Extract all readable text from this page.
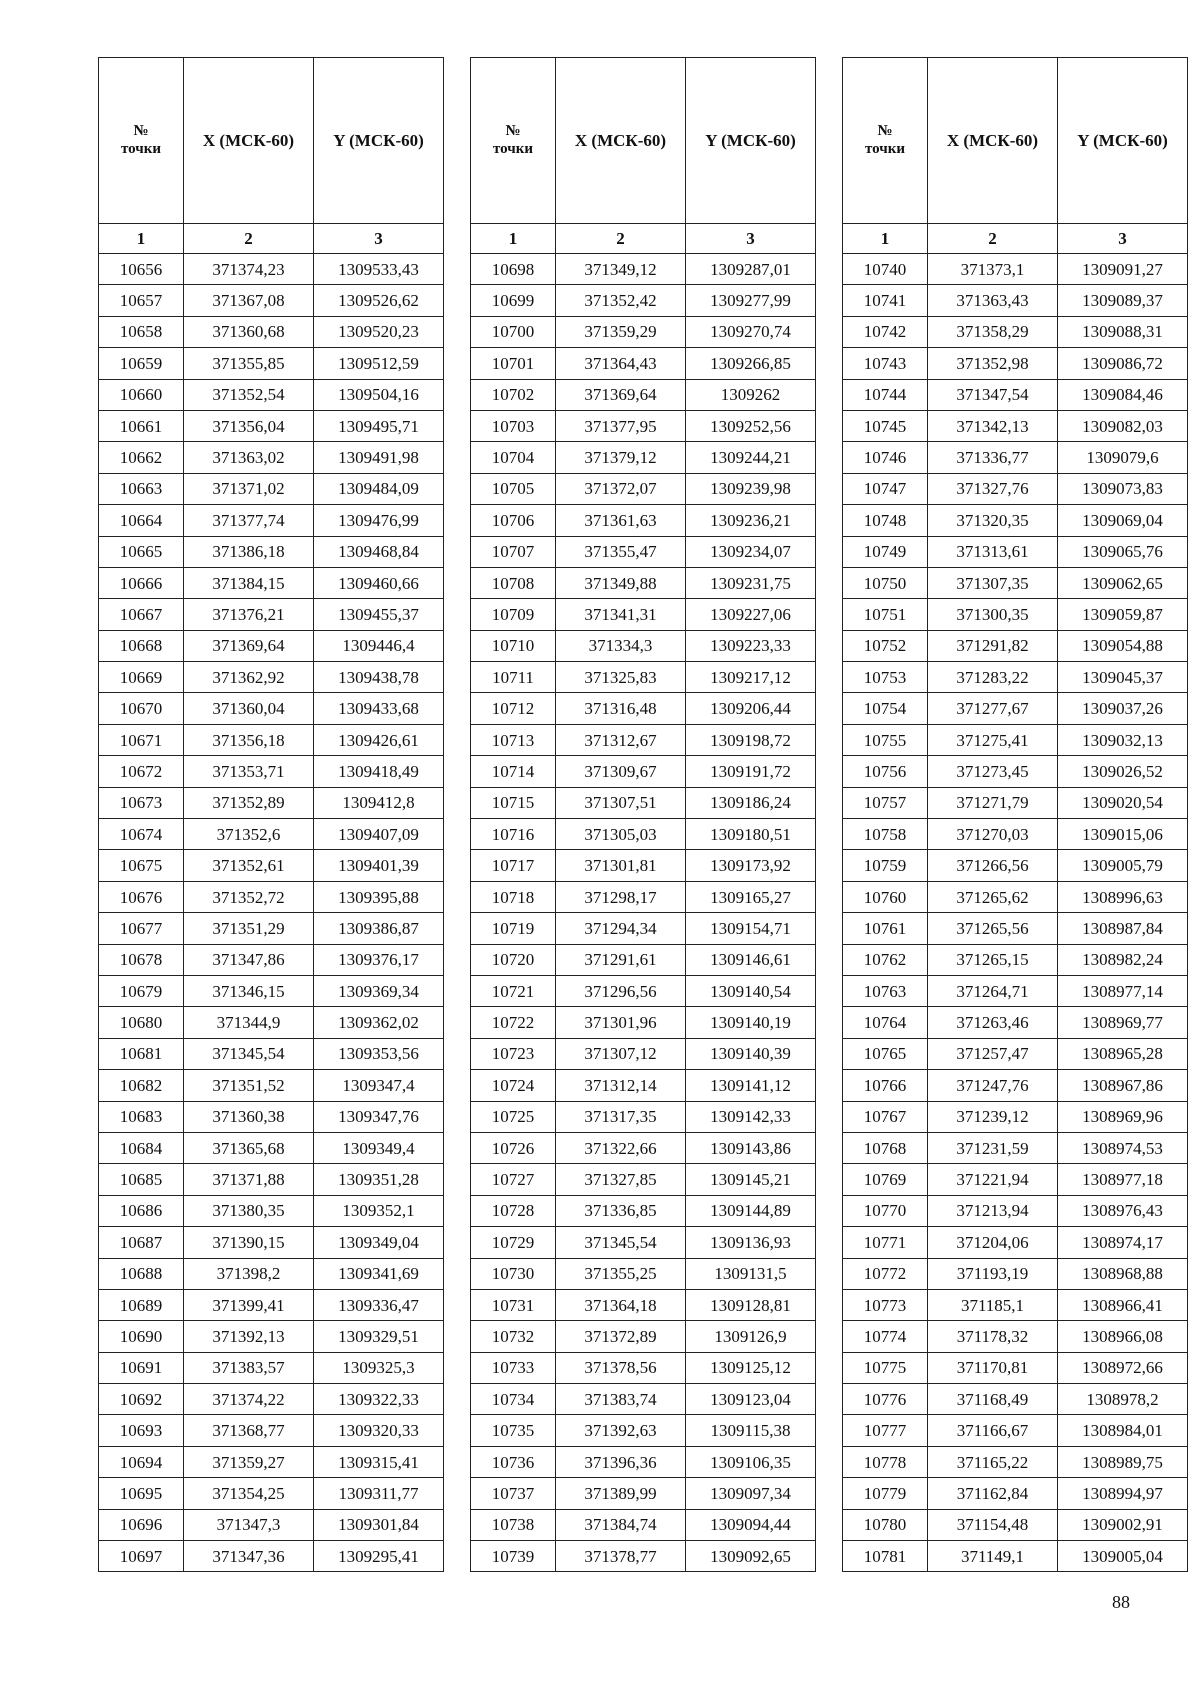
№
точки	X (МСК-60)	Y (МСК-60)
1	2	3
10656	371374,23	1309533,43
10657	371367,08	1309526,62
10658	371360,68	1309520,23
10659	371355,85	1309512,59
10660	371352,54	1309504,16
10661	371356,04	1309495,71
10662	371363,02	1309491,98
10663	371371,02	1309484,09
10664	371377,74	1309476,99
10665	371386,18	1309468,84
10666	371384,15	1309460,66
10667	371376,21	1309455,37
10668	371369,64	1309446,4
10669	371362,92	1309438,78
10670	371360,04	1309433,68
10671	371356,18	1309426,61
10672	371353,71	1309418,49
10673	371352,89	1309412,8
10674	371352,6	1309407,09
10675	371352,61	1309401,39
10676	371352,72	1309395,88
10677	371351,29	1309386,87
10678	371347,86	1309376,17
10679	371346,15	1309369,34
10680	371344,9	1309362,02
10681	371345,54	1309353,56
10682	371351,52	1309347,4
10683	371360,38	1309347,76
10684	371365,68	1309349,4
10685	371371,88	1309351,28
10686	371380,35	1309352,1
10687	371390,15	1309349,04
10688	371398,2	1309341,69
10689	371399,41	1309336,47
10690	371392,13	1309329,51
10691	371383,57	1309325,3
10692	371374,22	1309322,33
10693	371368,77	1309320,33
10694	371359,27	1309315,41
10695	371354,25	1309311,77
10696	371347,3	1309301,84
10697	371347,36	1309295,41
№
точки	X (МСК-60)	Y (МСК-60)
1	2	3
10698	371349,12	1309287,01
10699	371352,42	1309277,99
10700	371359,29	1309270,74
10701	371364,43	1309266,85
10702	371369,64	1309262
10703	371377,95	1309252,56
10704	371379,12	1309244,21
10705	371372,07	1309239,98
10706	371361,63	1309236,21
10707	371355,47	1309234,07
10708	371349,88	1309231,75
10709	371341,31	1309227,06
10710	371334,3	1309223,33
10711	371325,83	1309217,12
10712	371316,48	1309206,44
10713	371312,67	1309198,72
10714	371309,67	1309191,72
10715	371307,51	1309186,24
10716	371305,03	1309180,51
10717	371301,81	1309173,92
10718	371298,17	1309165,27
10719	371294,34	1309154,71
10720	371291,61	1309146,61
10721	371296,56	1309140,54
10722	371301,96	1309140,19
10723	371307,12	1309140,39
10724	371312,14	1309141,12
10725	371317,35	1309142,33
10726	371322,66	1309143,86
10727	371327,85	1309145,21
10728	371336,85	1309144,89
10729	371345,54	1309136,93
10730	371355,25	1309131,5
10731	371364,18	1309128,81
10732	371372,89	1309126,9
10733	371378,56	1309125,12
10734	371383,74	1309123,04
10735	371392,63	1309115,38
10736	371396,36	1309106,35
10737	371389,99	1309097,34
10738	371384,74	1309094,44
10739	371378,77	1309092,65
№
точки	X (МСК-60)	Y (МСК-60)
1	2	3
10740	371373,1	1309091,27
10741	371363,43	1309089,37
10742	371358,29	1309088,31
10743	371352,98	1309086,72
10744	371347,54	1309084,46
10745	371342,13	1309082,03
10746	371336,77	1309079,6
10747	371327,76	1309073,83
10748	371320,35	1309069,04
10749	371313,61	1309065,76
10750	371307,35	1309062,65
10751	371300,35	1309059,87
10752	371291,82	1309054,88
10753	371283,22	1309045,37
10754	371277,67	1309037,26
10755	371275,41	1309032,13
10756	371273,45	1309026,52
10757	371271,79	1309020,54
10758	371270,03	1309015,06
10759	371266,56	1309005,79
10760	371265,62	1308996,63
10761	371265,56	1308987,84
10762	371265,15	1308982,24
10763	371264,71	1308977,14
10764	371263,46	1308969,77
10765	371257,47	1308965,28
10766	371247,76	1308967,86
10767	371239,12	1308969,96
10768	371231,59	1308974,53
10769	371221,94	1308977,18
10770	371213,94	1308976,43
10771	371204,06	1308974,17
10772	371193,19	1308968,88
10773	371185,1	1308966,41
10774	371178,32	1308966,08
10775	371170,81	1308972,66
10776	371168,49	1308978,2
10777	371166,67	1308984,01
10778	371165,22	1308989,75
10779	371162,84	1308994,97
10780	371154,48	1309002,91
10781	371149,1	1309005,04
88
